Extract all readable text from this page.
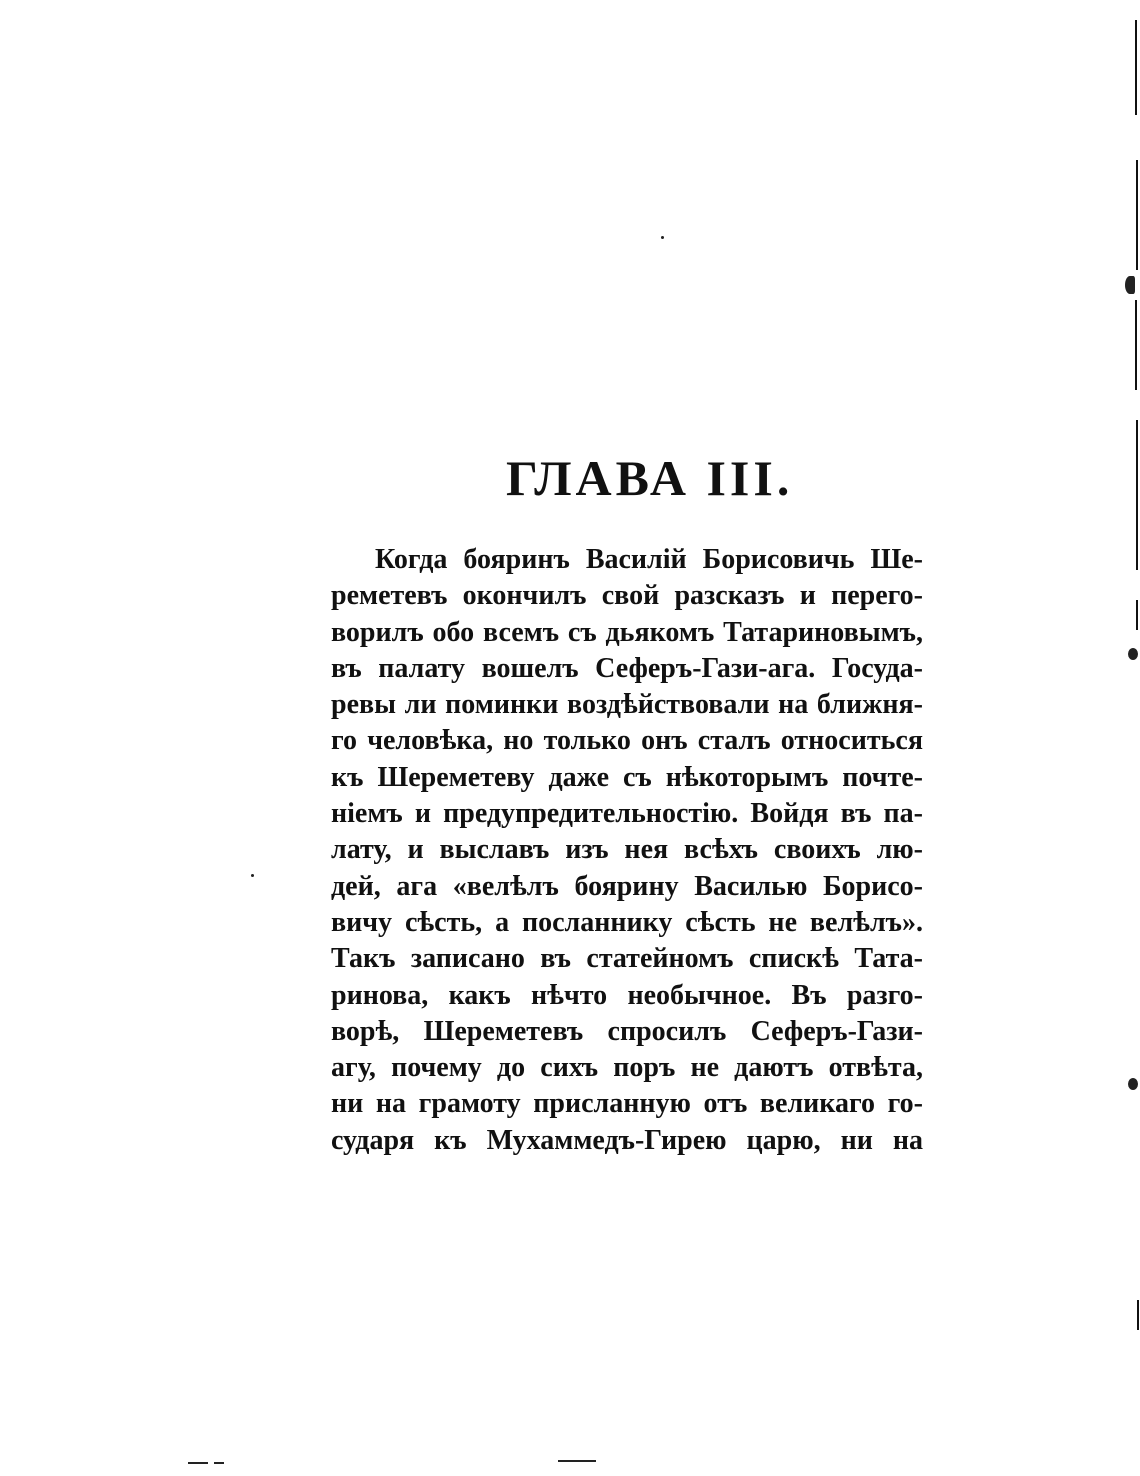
ГЛАВА III.
Когда бояринъ Василій Борисовичь Ше-
реметевъ окончилъ свой разсказъ и перего-
ворилъ обо всемъ съ дьякомъ Татариновымъ,
въ палату вошелъ Сеферъ-Гази-ага. Госуда-
ревы ли поминки воздѣйствовали на ближня-
го человѣка, но только онъ сталъ относиться
къ Шереметеву даже съ нѣкоторымъ почте-
ніемъ и предупредительностію. Войдя въ па-
лату, и выславъ изъ нея всѣхъ своихъ лю-
дей, ага «велѣлъ боярину Василью Борисо-
вичу сѣсть, а посланнику сѣсть не велѣлъ».
Такъ записано въ статейномъ спискѣ Тата-
ринова, какъ нѣчто необычное. Въ разго-
ворѣ, Шереметевъ спросилъ Сеферъ-Гази-
агу, почему до сихъ поръ не даютъ отвѣта,
ни на грамоту присланную отъ великаго го-
сударя къ Мухаммедъ-Гирею царю, ни на
